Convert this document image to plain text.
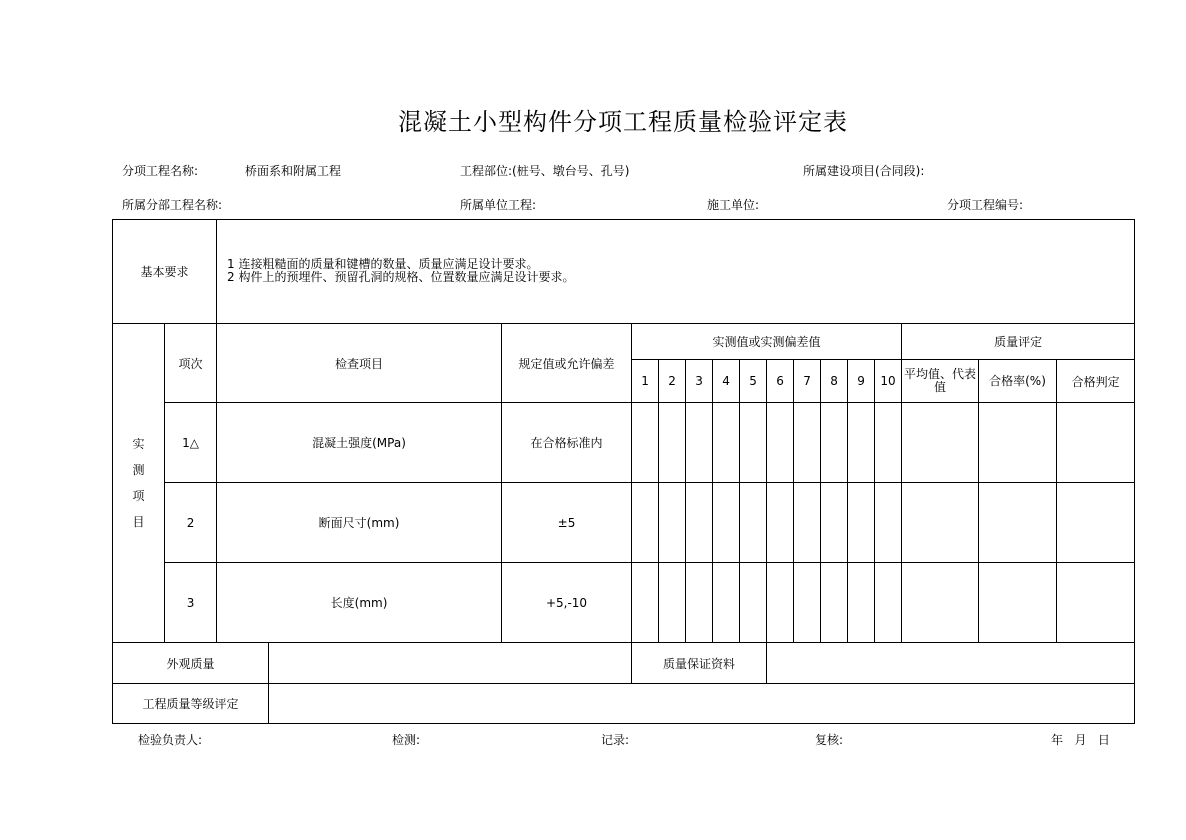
混凝土小型构件分项工程质量检验评定表
分项工程名称:	桥面系和附属工程	工程部位:(桩号、墩台号、孔号)	所属建设项目(合同段):
所属分部工程名称:	所属单位工程:	施工单位:	分项工程编号:
基本要求		1 连接粗糙面的质量和键槽的数量、质量应满足设计要求。
2 构件上的预埋件、预留孔洞的规格、位置数量应满足设计要求。															

实
测
项
目	项次	检查项目		规定值或允许偏差	实测值或实测偏差值										质量评定		
					1	2	3	4	5	6	7	8	9	10	平均值、代表值	合格率(%)	合格判定
	1△	混凝土强度(MPa)		在合格标准内													
	2	断面尺寸(mm)		±5													
	3	长度(mm)		+5,-10													
外观质量					质量保证资料												
工程质量等级评定																	
检验负责人:	检测:	记录:	复核:	年   月   日
